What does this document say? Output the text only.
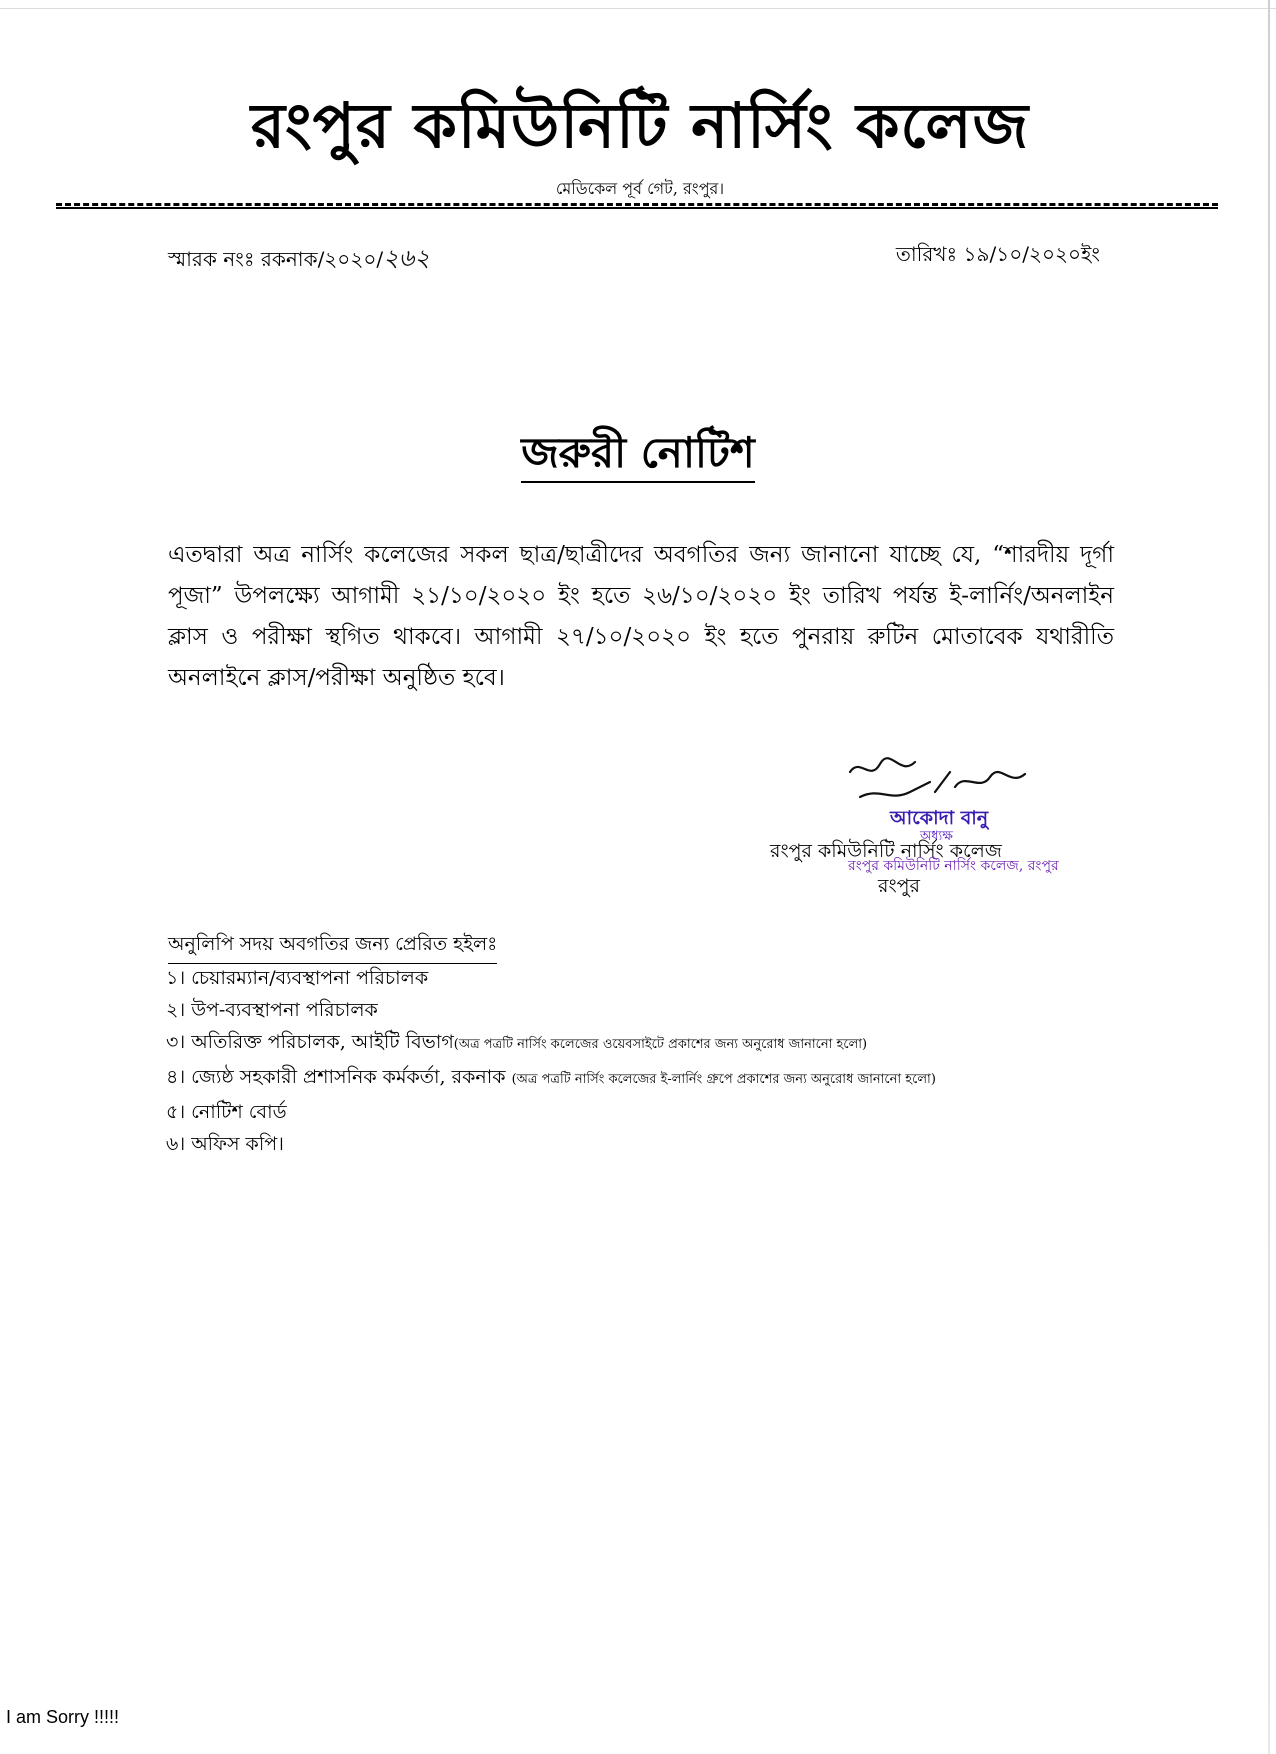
রংপুর কমিউনিটি নার্সিং কলেজ
মেডিকেল পূর্ব গেট, রংপুর।
স্মারক নংঃ রকনাক/২০২০/২৬২	তারিখঃ ১৯/১০/২০২০ইং
জরুরী নোটিশ
এতদ্বারা অত্র নার্সিং কলেজের সকল ছাত্র/ছাত্রীদের অবগতির জন্য জানানো যাচ্ছে যে, “শারদীয় দূর্গা পূজা” উপলক্ষ্যে আগামী ২১/১০/২০২০ ইং হতে ২৬/১০/২০২০ ইং তারিখ পর্যন্ত ই-লার্নিং/অনলাইন ক্লাস ও পরীক্ষা স্থগিত থাকবে। আগামী ২৭/১০/২০২০ ইং হতে পুনরায় রুটিন মোতাবেক যথারীতি অনলাইনে ক্লাস/পরীক্ষা অনুষ্ঠিত হবে।
আকোদা বানু
অধ্যক্ষ
রংপুর কমিউনিটি নার্সিং কলেজ
রংপুর কমিউনিটি নার্সিং কলেজ, রংপুর
রংপুর
অনুলিপি সদয় অবগতির জন্য প্রেরিত হইলঃ
১। চেয়ারম্যান/ব্যবস্থাপনা পরিচালক
২। উপ-ব্যবস্থাপনা পরিচালক
৩। অতিরিক্ত পরিচালক, আইটি বিভাগ(অত্র পত্রটি নার্সিং কলেজের ওয়েবসাইটে প্রকাশের জন্য অনুরোধ জানানো হলো)
৪। জ্যেষ্ঠ সহকারী প্রশাসনিক কর্মকর্তা, রকনাক (অত্র পত্রটি নার্সিং কলেজের ই-লার্নিং গ্রুপে প্রকাশের জন্য অনুরোধ জানানো হলো)
৫। নোটিশ বোর্ড
৬। অফিস কপি।
I am Sorry !!!!!
